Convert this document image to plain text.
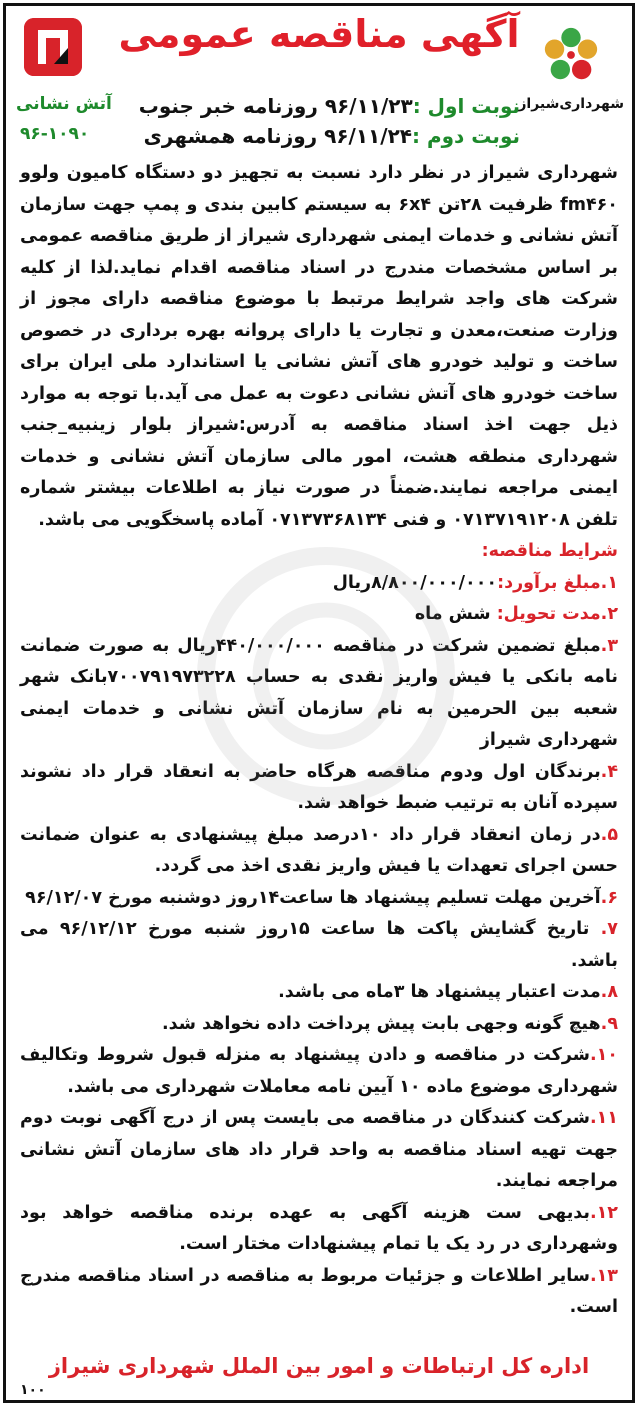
آگهی مناقصه عمومی
شهرداری‌شیراز
آتش نشانی
۹۶-۱۰۹۰
نوبت اول :۹۶/۱۱/۲۳ روزنامه خبر جنوب
نوبت دوم :۹۶/۱۱/۲۴ روزنامه همشهری

شهرداری شیراز در نظر دارد نسبت به تجهیز دو دستگاه کامیون ولوو fm۴۶۰ ظرفیت ۲۸تن ۶x۴ به سیستم کابین بندی و پمپ جهت سازمان آتش نشانی و خدمات ایمنی شهرداری شیراز از طریق مناقصه عمومی بر اساس مشخصات مندرج در اسناد مناقصه اقدام نماید.لذا از کلیه شرکت های واجد شرایط مرتبط با موضوع مناقصه دارای مجوز از وزارت صنعت،معدن و تجارت یا دارای پروانه بهره برداری در خصوص ساخت و تولید خودرو های آتش نشانی یا استاندارد ملی ایران برای ساخت خودرو های آتش نشانی دعوت به عمل می آید.با توجه به موارد ذیل جهت اخذ اسناد مناقصه به آدرس:شیراز بلوار زینبیه_جنب شهرداری منطقه هشت، امور مالی سازمان آتش نشانی و خدمات ایمنی مراجعه نمایند.ضمناً در صورت نیاز به اطلاعات بیشتر شماره تلفن ۰۷۱۳۷۱۹۱۲۰۸ و فنی ۰۷۱۳۷۳۶۸۱۳۴ آماده پاسخگویی می باشد.

شرایط مناقصه:

۱.مبلغ برآورد:۸/۸۰۰/۰۰۰/۰۰۰ریال

۲.مدت تحویل: شش ماه

۳.مبلغ تضمین شرکت در مناقصه ۴۴۰/۰۰۰/۰۰۰ریال به صورت ضمانت نامه بانکی یا فیش واریز نقدی به حساب ۷۰۰۷۹۱۹۷۳۲۲۸بانک شهر شعبه بین الحرمین به نام سازمان آتش نشانی و خدمات ایمنی شهرداری شیراز

۴.برندگان اول ودوم مناقصه هرگاه حاضر به انعقاد قرار داد نشوند سپرده آنان به ترتیب ضبط خواهد شد.

۵.در زمان انعقاد قرار داد ۱۰درصد مبلغ پیشنهادی به عنوان ضمانت حسن اجرای تعهدات یا فیش واریز نقدی اخذ می گردد.

۶.آخرین مهلت تسلیم پیشنهاد ها ساعت۱۴روز دوشنبه مورخ ۹۶/۱۲/۰۷

۷. تاریخ گشایش پاکت ها ساعت ۱۵روز شنبه مورخ ۹۶/۱۲/۱۲ می باشد.

۸.مدت اعتبار پیشنهاد ها ۳ماه می باشد.

۹.هیچ گونه وجهی بابت پیش پرداخت داده نخواهد شد.

۱۰.شرکت در مناقصه و دادن پیشنهاد به منزله قبول شروط وتکالیف شهرداری موضوع ماده ۱۰ آیین نامه معاملات شهرداری می باشد.

۱۱.شرکت کنندگان در مناقصه می بایست پس از درج آگهی نوبت دوم جهت تهیه اسناد مناقصه به واحد قرار داد های سازمان آتش نشانی مراجعه نمایند.

۱۲.بدیهی ست هزینه آگهی به عهده برنده مناقصه خواهد بود وشهرداری در رد یک یا تمام پیشنهادات مختار است.

۱۳.سایر اطلاعات و جزئیات مربوط به مناقصه در اسناد مناقصه مندرج است.

اداره کل ارتباطات و امور بین الملل شهرداری شیراز
۱۰۰
